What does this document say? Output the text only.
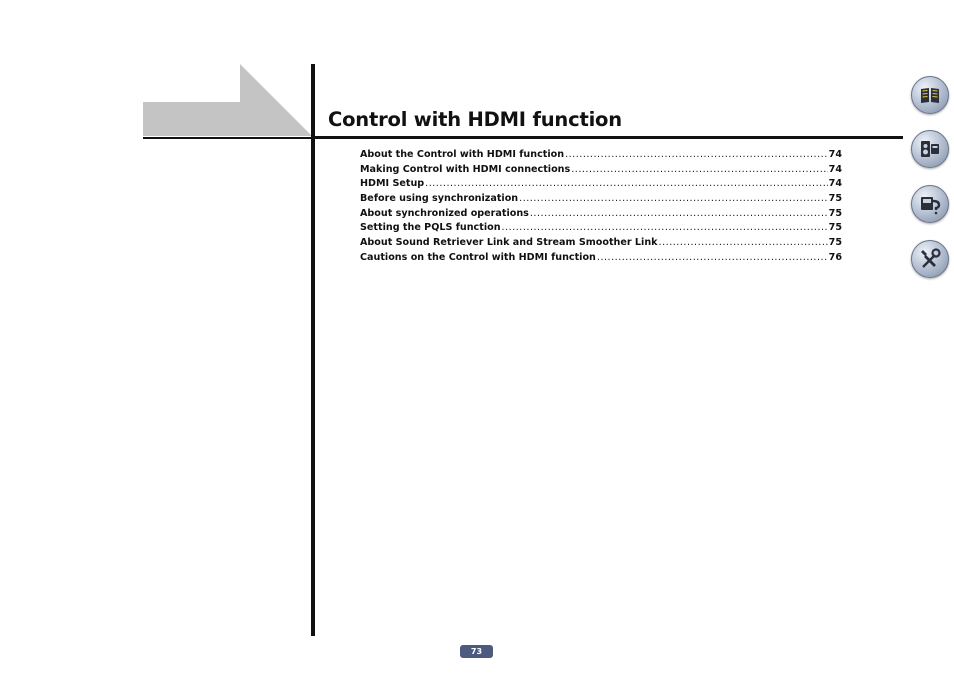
Control with HDMI function
About the Control with HDMI function .....	74
Making Control with HDMI connections .....	74
HDMI Setup .....	74
Before using synchronization .....	75
About synchronized operations .....	75
Setting the PQLS function .....	75
About Sound Retriever Link and Stream Smoother Link .....	75
Cautions on the Control with HDMI function .....	76
73
